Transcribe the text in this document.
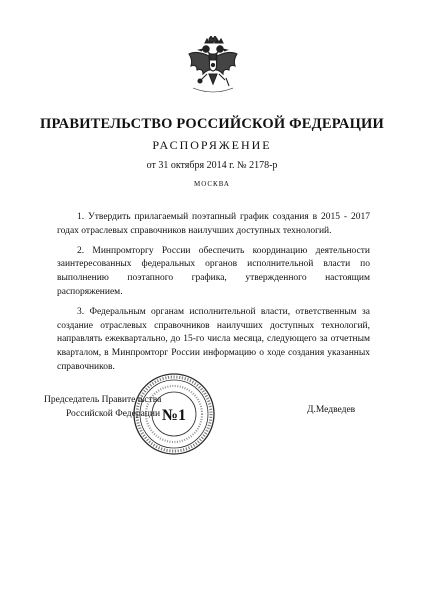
ПРАВИТЕЛЬСТВО РОССИЙСКОЙ ФЕДЕРАЦИИ
РАСПОРЯЖЕНИЕ
от 31 октября 2014 г. № 2178-р
МОСКВА

1. Утвердить прилагаемый поэтапный график создания в 2015 - 2017 годах отраслевых справочников наилучших доступных технологий.

2. Минпромторгу России обеспечить координацию деятельности заинтересованных федеральных органов исполнительной власти по выполнению поэтапного графика, утвержденного настоящим распоряжением.

3. Федеральным органам исполнительной власти, ответственным за создание отраслевых справочников наилучших доступных технологий, направлять ежеквартально, до 15-го числа месяца, следующего за отчетным кварталом, в Минпромторг России информацию о ходе создания указанных справочников.

Председатель Правительства
Российской Федерации №1	Д.Медведев
